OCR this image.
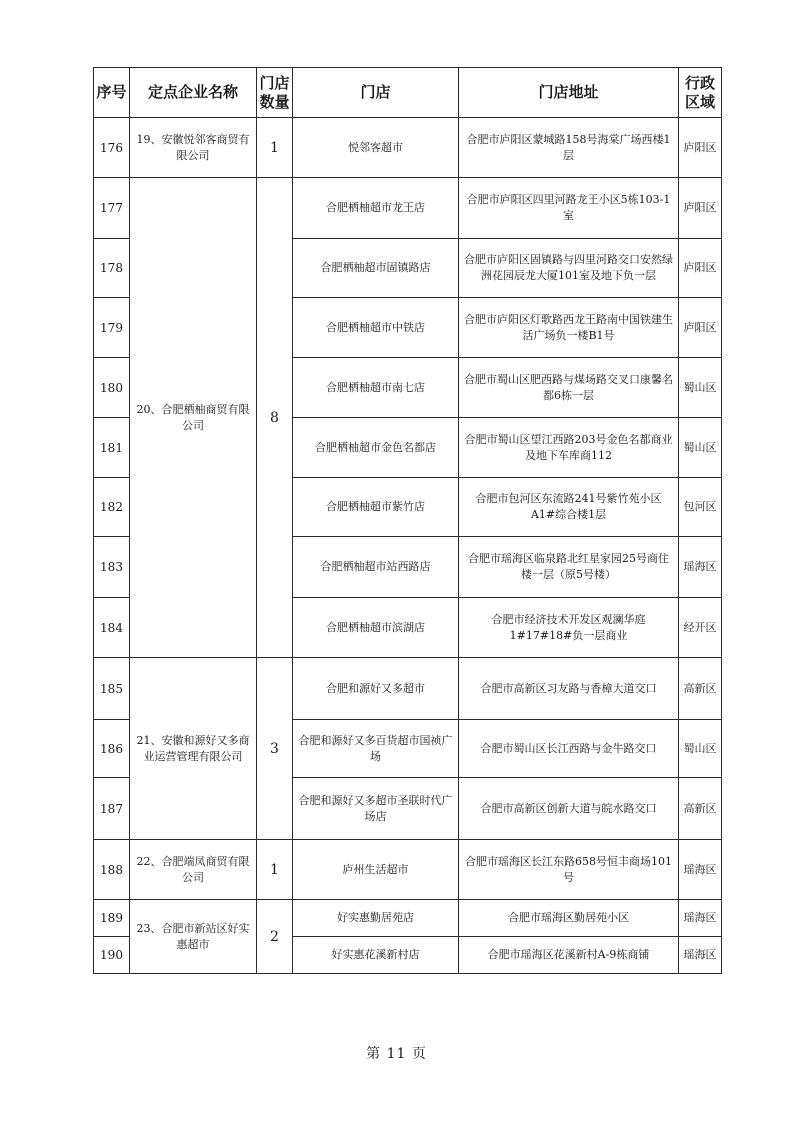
序号	定点企业名称	门店数量	门店	门店地址	行政区域
176	19、安徽悦邻客商贸有限公司	1	悦邻客超市	合肥市庐阳区蒙城路158号海棠广场西楼1层	庐阳区
177	20、合肥栖柚商贸有限公司	8	合肥栖柚超市龙王店	合肥市庐阳区四里河路龙王小区5栋103-1室	庐阳区
178			合肥栖柚超市固镇路店	合肥市庐阳区固镇路与四里河路交口安然绿洲花园辰龙大厦101室及地下负一层	庐阳区
179			合肥栖柚超市中铁店	合肥市庐阳区灯歌路西龙王路南中国铁建生活广场负一楼B1号	庐阳区
180			合肥栖柚超市南七店	合肥市蜀山区肥西路与煤场路交叉口康馨名都6栋一层	蜀山区
181			合肥栖柚超市金色名都店	合肥市蜀山区望江西路203号金色名都商业及地下车库商112	蜀山区
182			合肥栖柚超市紫竹店	合肥市包河区东流路241号紫竹苑小区A1#综合楼1层	包河区
183			合肥栖柚超市站西路店	合肥市瑶海区临泉路北红星家园25号商住楼一层（原5号楼）	瑶海区
184			合肥栖柚超市滨湖店	合肥市经济技术开发区观澜华庭1#17#18#负一层商业	经开区
185	21、安徽和源好又多商业运营管理有限公司	3	合肥和源好又多超市	合肥市高新区习友路与香樟大道交口	高新区
186			合肥和源好又多百货超市国祯广场	合肥市蜀山区长江西路与金牛路交口	蜀山区
187			合肥和源好又多超市圣联时代广场店	合肥市高新区创新大道与皖水路交口	高新区
188	22、合肥端凤商贸有限公司	1	庐州生活超市	合肥市瑶海区长江东路658号恒丰商场101号	瑶海区
189	23、合肥市新站区好实惠超市	2	好实惠勤居苑店	合肥市瑶海区勤居苑小区	瑶海区
190			好实惠花溪新村店	合肥市瑶海区花溪新村A-9栋商铺	瑶海区
第 11 页
